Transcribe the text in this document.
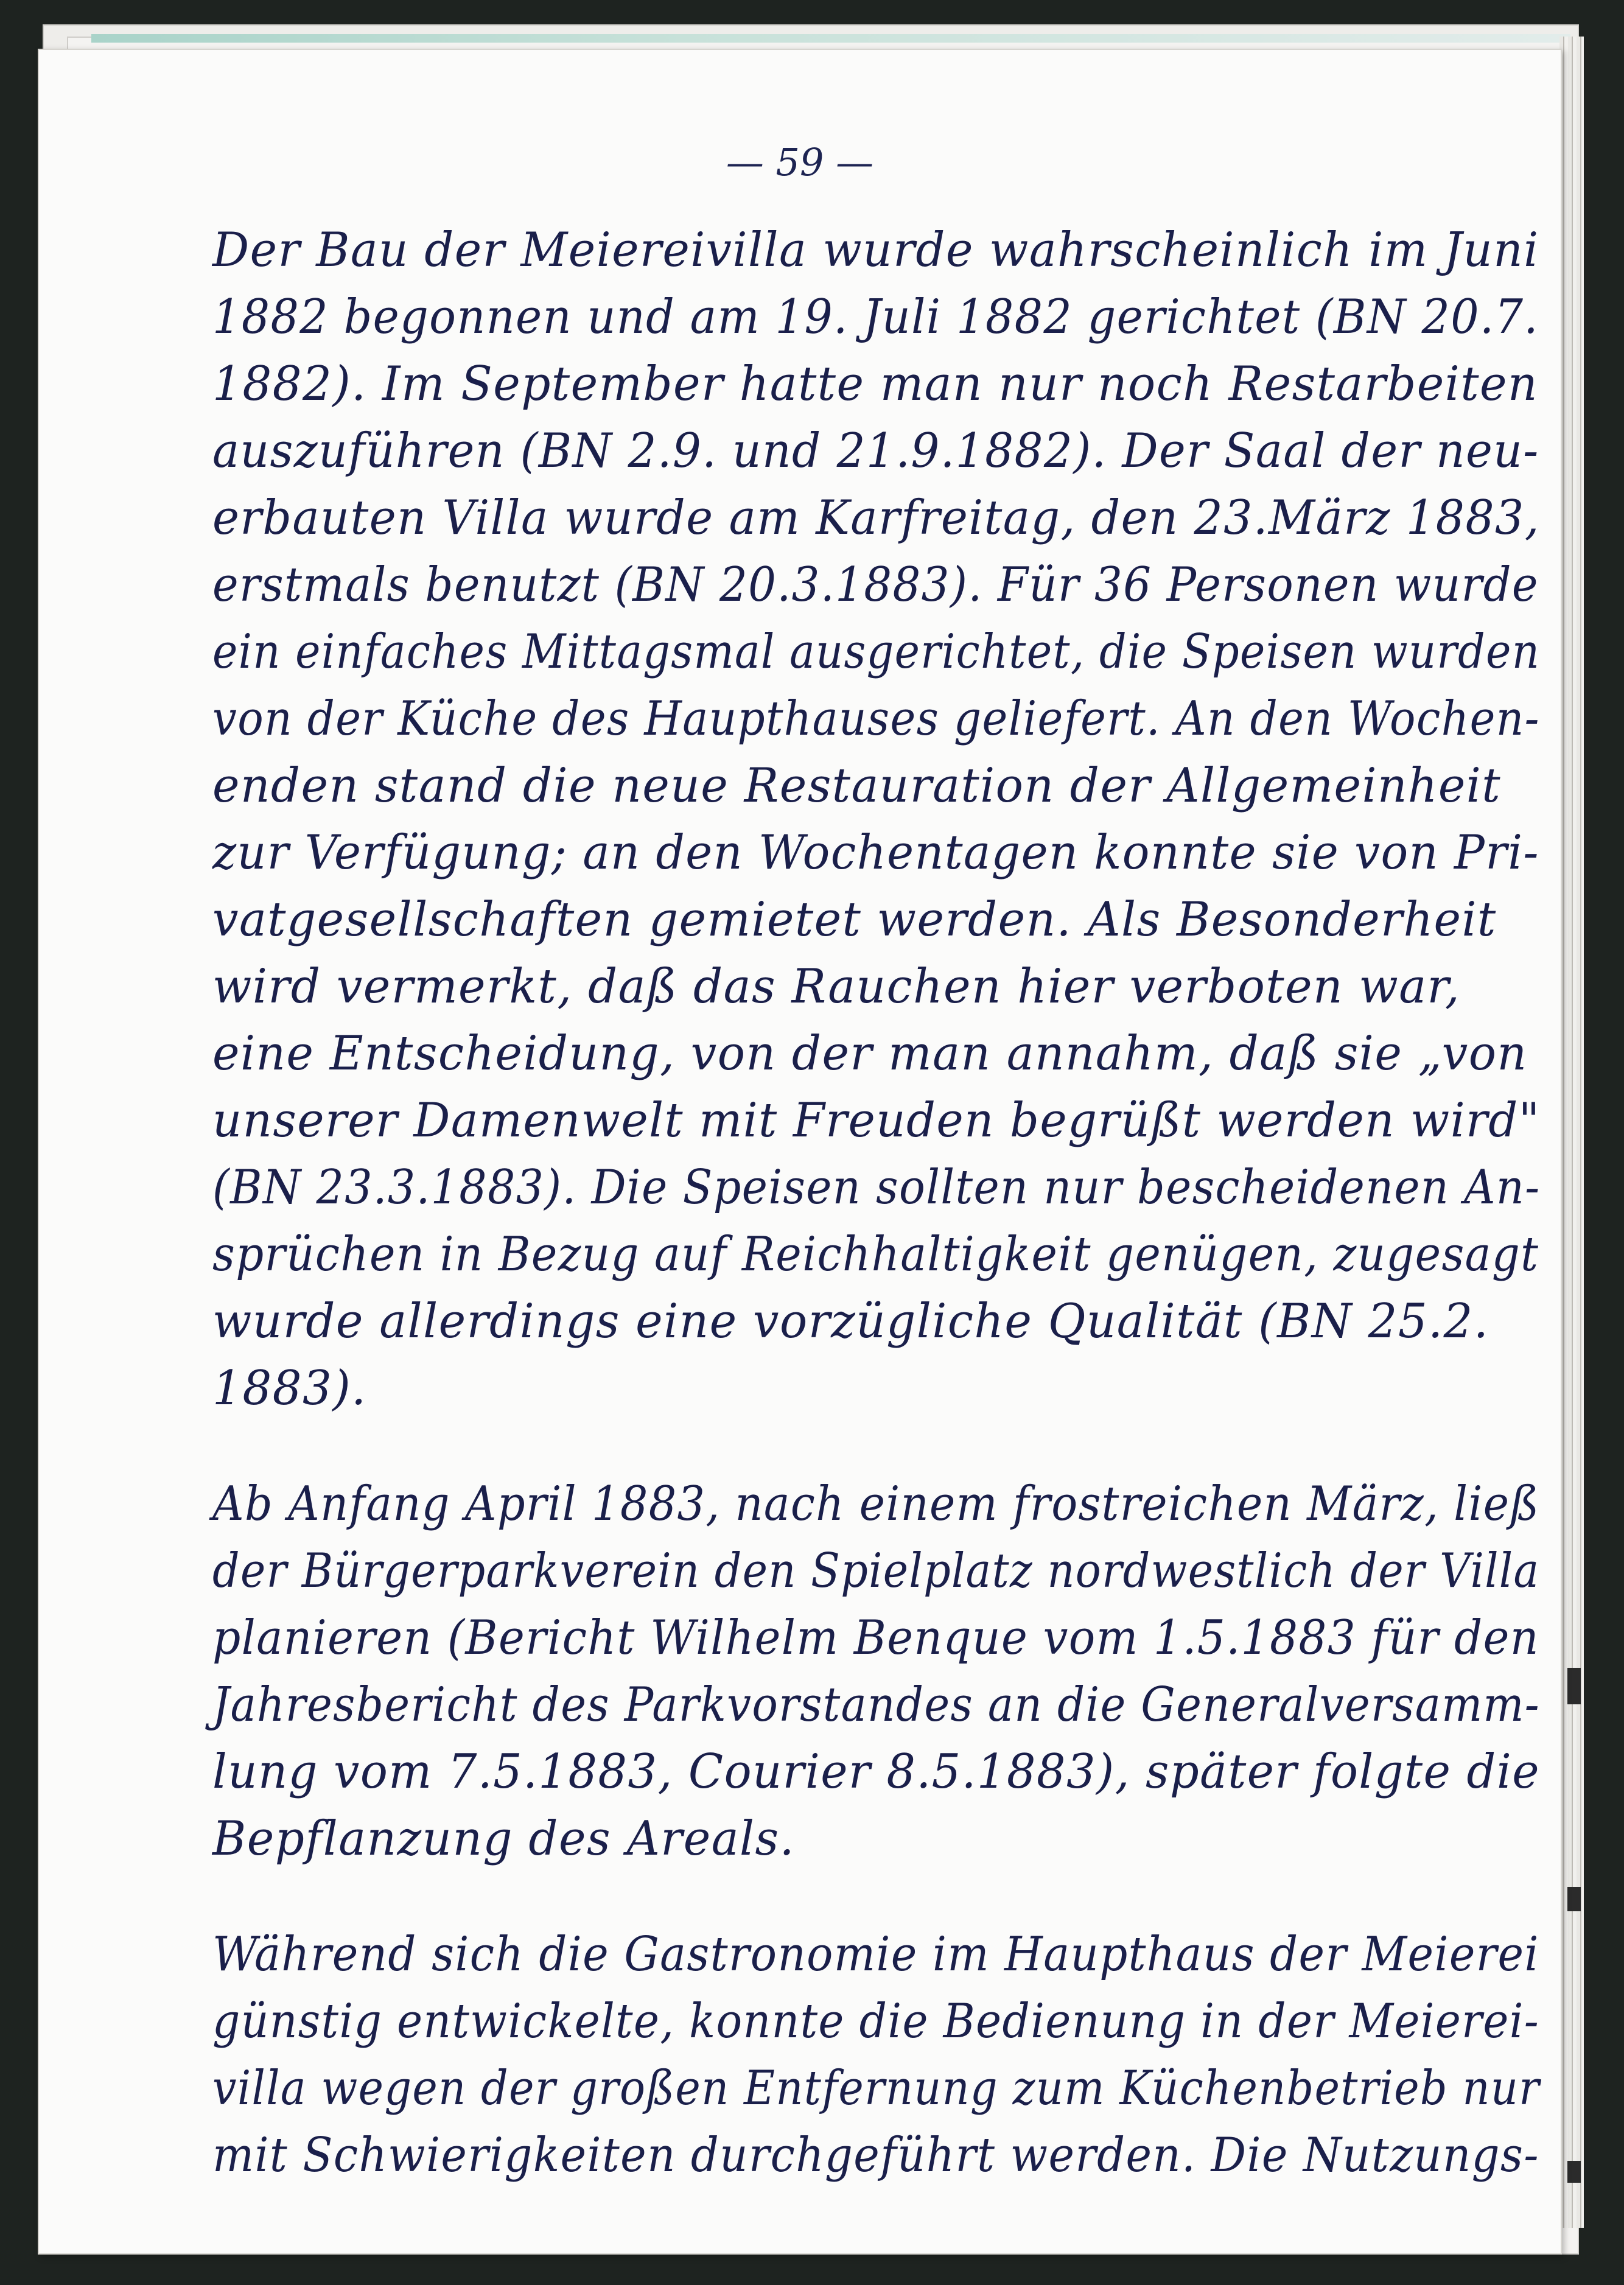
— 59 —
Der Bau der Meiereivilla wurde wahrscheinlich im Juni
1882 begonnen und am 19. Juli 1882 gerichtet (BN 20.7.
1882). Im September hatte man nur noch Restarbeiten
auszuführen (BN 2.9. und 21.9.1882). Der Saal der neu-
erbauten Villa wurde am Karfreitag, den 23.März 1883,
erstmals benutzt (BN 20.3.1883). Für 36 Personen wurde
ein einfaches Mittagsmal ausgerichtet, die Speisen wurden
von der Küche des Haupthauses geliefert. An den Wochen-
enden stand die neue Restauration der Allgemeinheit
zur Verfügung; an den Wochentagen konnte sie von Pri-
vatgesellschaften gemietet werden. Als Besonderheit
wird vermerkt, daß das Rauchen hier verboten war,
eine Entscheidung, von der man annahm, daß sie „von
unserer Damenwelt mit Freuden begrüßt werden wird"
(BN 23.3.1883). Die Speisen sollten nur bescheidenen An-
sprüchen in Bezug auf Reichhaltigkeit genügen, zugesagt
wurde allerdings eine vorzügliche Qualität (BN 25.2.
1883).
Ab Anfang April 1883, nach einem frostreichen März, ließ
der Bürgerparkverein den Spielplatz nordwestlich der Villa
planieren (Bericht Wilhelm Benque vom 1.5.1883 für den
Jahresbericht des Parkvorstandes an die Generalversamm-
lung vom 7.5.1883, Courier 8.5.1883), später folgte die
Bepflanzung des Areals.
Während sich die Gastronomie im Haupthaus der Meierei
günstig entwickelte, konnte die Bedienung in der Meierei-
villa wegen der großen Entfernung zum Küchenbetrieb nur
mit Schwierigkeiten durchgeführt werden. Die Nutzungs-
